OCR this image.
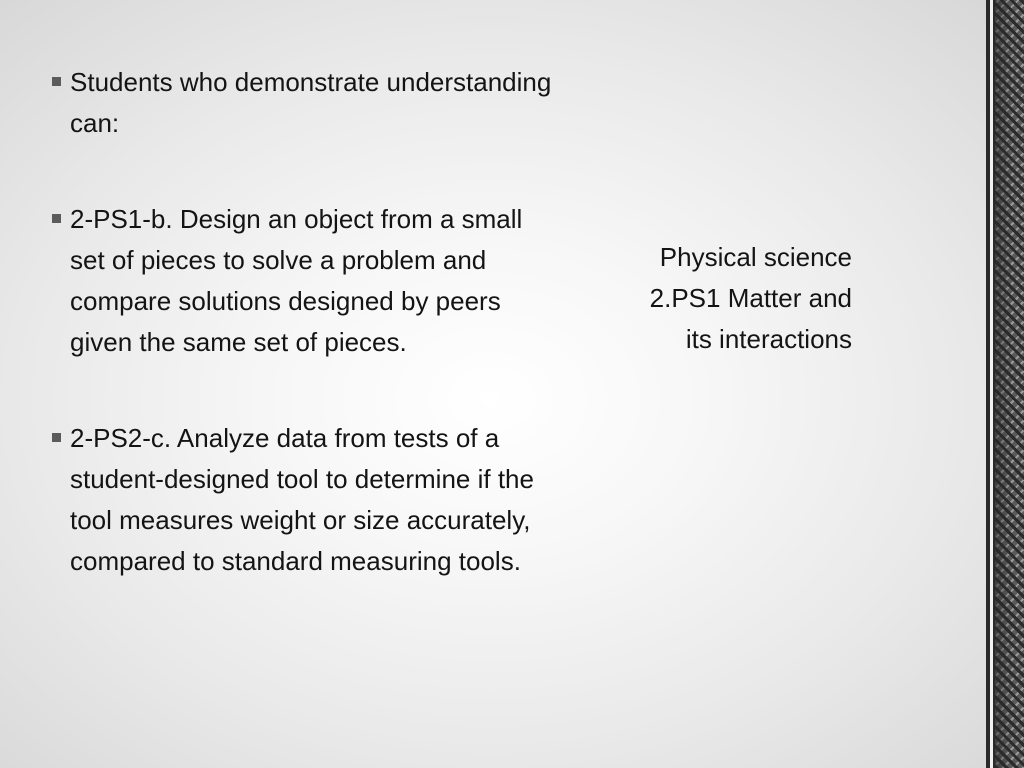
Students who demonstrate understanding can:
2-PS1-b. Design an object from a small set of pieces to solve a problem and compare solutions designed by peers given the same set of pieces.
2-PS2-c. Analyze data from tests of a student-designed tool to determine if the tool measures weight or size accurately, compared to standard measuring tools.
Physical science
2.PS1 Matter and
its interactions
